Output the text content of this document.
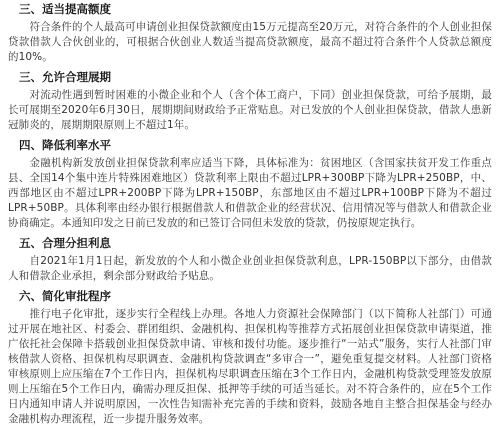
三、适当提高额度

符合条件的个人最高可申请创业担保贷款额度由15万元提高至20万元，对符合条件的个人创业担保贷款借款人合伙创业的，可根据合伙创业人数适当提高贷款额度，最高不超过符合条件个人贷款总额度的10%。

三、允许合理展期

对流动性遇到暂时困难的小微企业和个人（含个体工商户，下同）创业担保贷款，可给予展期，最长可展期至2020年6月30日，展期期间财政给予正常贴息。对已发放的个人创业担保贷款，借款人患新冠肺炎的，展期期限原则上不超过1年。

四、降低利率水平

金融机构新发放创业担保贷款利率应适当下降，具体标准为：贫困地区（含国家扶贫开发工作重点县、全国14个集中连片特殊困难地区）贷款利率上限由不超过LPR+300BP下降为LPR+250BP，中、西部地区由不超过LPR+200BP下降为LPR+150BP，东部地区由不超过LPR+100BP下降为不超过LPR+50BP。具体利率由经办银行根据借款人和借款企业的经营状况、信用情况等与借款人和借款企业协商确定。本通知印发之日前已发放的和已签订合同但未发放的贷款，仍按原规定执行。

五、合理分担利息

自2021年1月1日起，新发放的个人和小微企业创业担保贷款利息，LPR-150BP以下部分，由借款人和借款企业承担，剩余部分财政给予贴息。

六、简化审批程序

推行电子化审批，逐步实行全程线上办理。各地人力资源社会保障部门（以下简称人社部门）可通过开展在地社区、村委会、群团组织、金融机构、担保机构等推荐方式拓展创业担保贷款申请渠道，推广依托社会保障卡搭载创业担保贷款申请、审核和拨付功能。逐步推行“一站式”服务，实行人社部门审核借款人资格、担保机构尽职调查、金融机构贷款调查“多审合一”，避免重复提交材料。人社部门资格审核原则上应压缩在7个工作日内，担保机构尽职调查压缩在3个工作日内，金融机构贷款受理签发放原则上压缩在5个工作日内，确需办理反担保、抵押等手续的可适当延长。对不符合条件的，应在5个工作日内通知申请人并说明原因，一次性告知需补充完善的手续和资料，鼓励各地自主整合担保基金与经办金融机构办理流程，近一步提升服务效率。
